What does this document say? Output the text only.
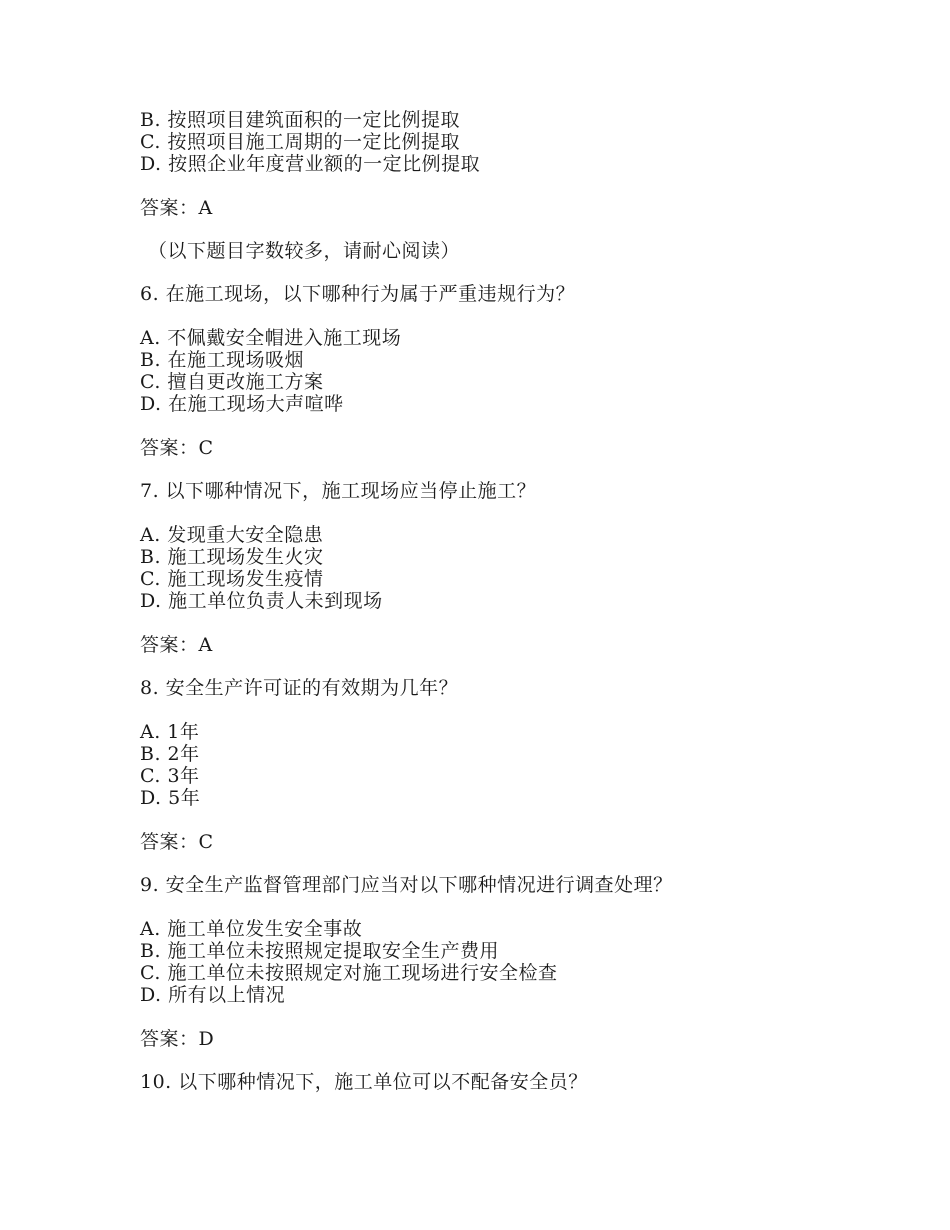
B. 按照项目建筑面积的一定比例提取
C. 按照项目施工周期的一定比例提取
D. 按照企业年度营业额的一定比例提取
答案：A
（以下题目字数较多，请耐心阅读）
6. 在施工现场，以下哪种行为属于严重违规行为？
A. 不佩戴安全帽进入施工现场
B. 在施工现场吸烟
C. 擅自更改施工方案
D. 在施工现场大声喧哗
答案：C
7. 以下哪种情况下，施工现场应当停止施工？
A. 发现重大安全隐患
B. 施工现场发生火灾
C. 施工现场发生疫情
D. 施工单位负责人未到现场
答案：A
8. 安全生产许可证的有效期为几年？
A. 1年
B. 2年
C. 3年
D. 5年
答案：C
9. 安全生产监督管理部门应当对以下哪种情况进行调查处理？
A. 施工单位发生安全事故
B. 施工单位未按照规定提取安全生产费用
C. 施工单位未按照规定对施工现场进行安全检查
D. 所有以上情况
答案：D
10. 以下哪种情况下，施工单位可以不配备安全员？
